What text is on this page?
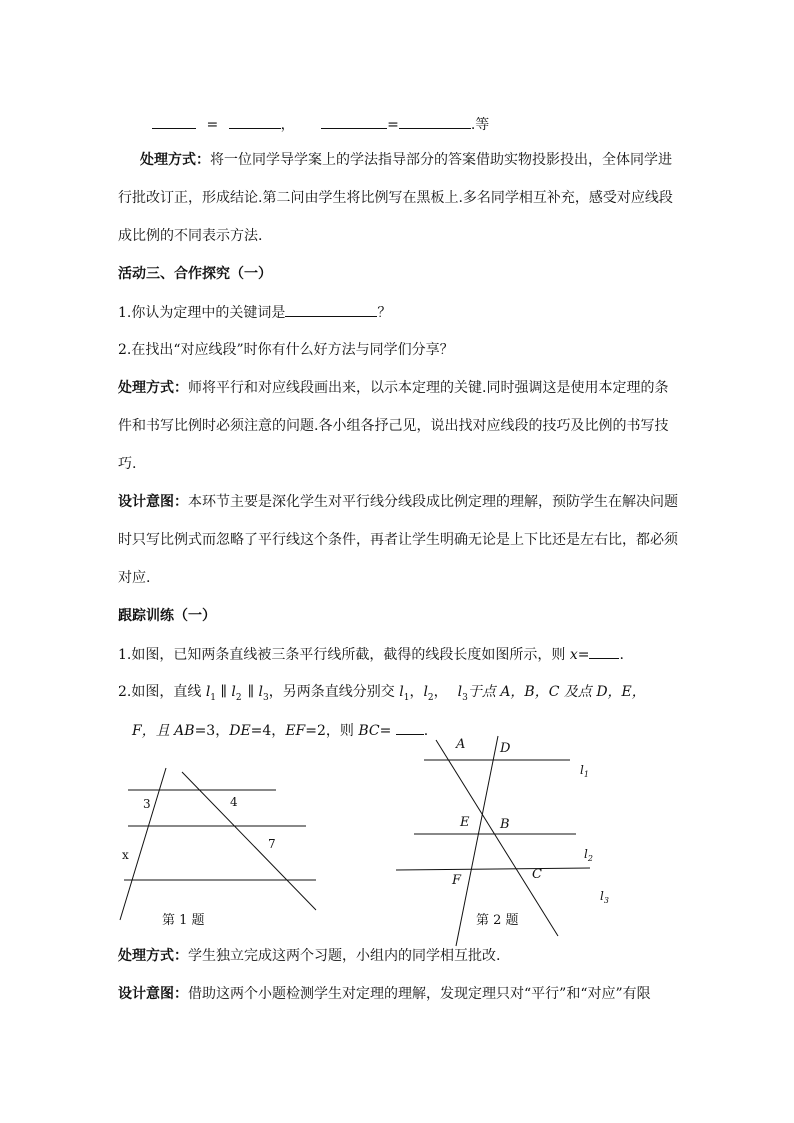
=	，	=	.等
处理方式：将一位同学导学案上的学法指导部分的答案借助实物投影投出，全体同学进
行批改订正，形成结论.第二问由学生将比例写在黑板上.多名同学相互补充，感受对应线段
成比例的不同表示方法.
活动三、合作探究（一）
1.你认为定理中的关键词是	？
2.在找出“对应线段”时你有什么好方法与同学们分享？
处理方式：师将平行和对应线段画出来，以示本定理的关键.同时强调这是使用本定理的条
件和书写比例时必须注意的问题.各小组各抒己见，说出找对应线段的技巧及比例的书写技
巧.
设计意图：本环节主要是深化学生对平行线分线段成比例定理的理解，预防学生在解决问题
时只写比例式而忽略了平行线这个条件，再者让学生明确无论是上下比还是左右比，都必须
对应.
跟踪训练（一）
1.如图，已知两条直线被三条平行线所截，截得的线段长度如图所示，则 x= .
2.如图，直线 $l_1$ ∥ $l_2$ ∥ $l_3$，另两条直线分别交 $l_1$，$l_2$， $l_3$于点 A，B，C 及点 D，E，
F，且 AB=3，DE=4，EF=2，则 BC= .
3	4
x
7
第 1 题
A	D
E B
F	C
$l_1$
$l_2$
$l_3$
第 2 题
处理方式：学生独立完成这两个习题，小组内的同学相互批改.
设计意图：借助这两个小题检测学生对定理的理解，发现定理只对“平行”和“对应”有限
